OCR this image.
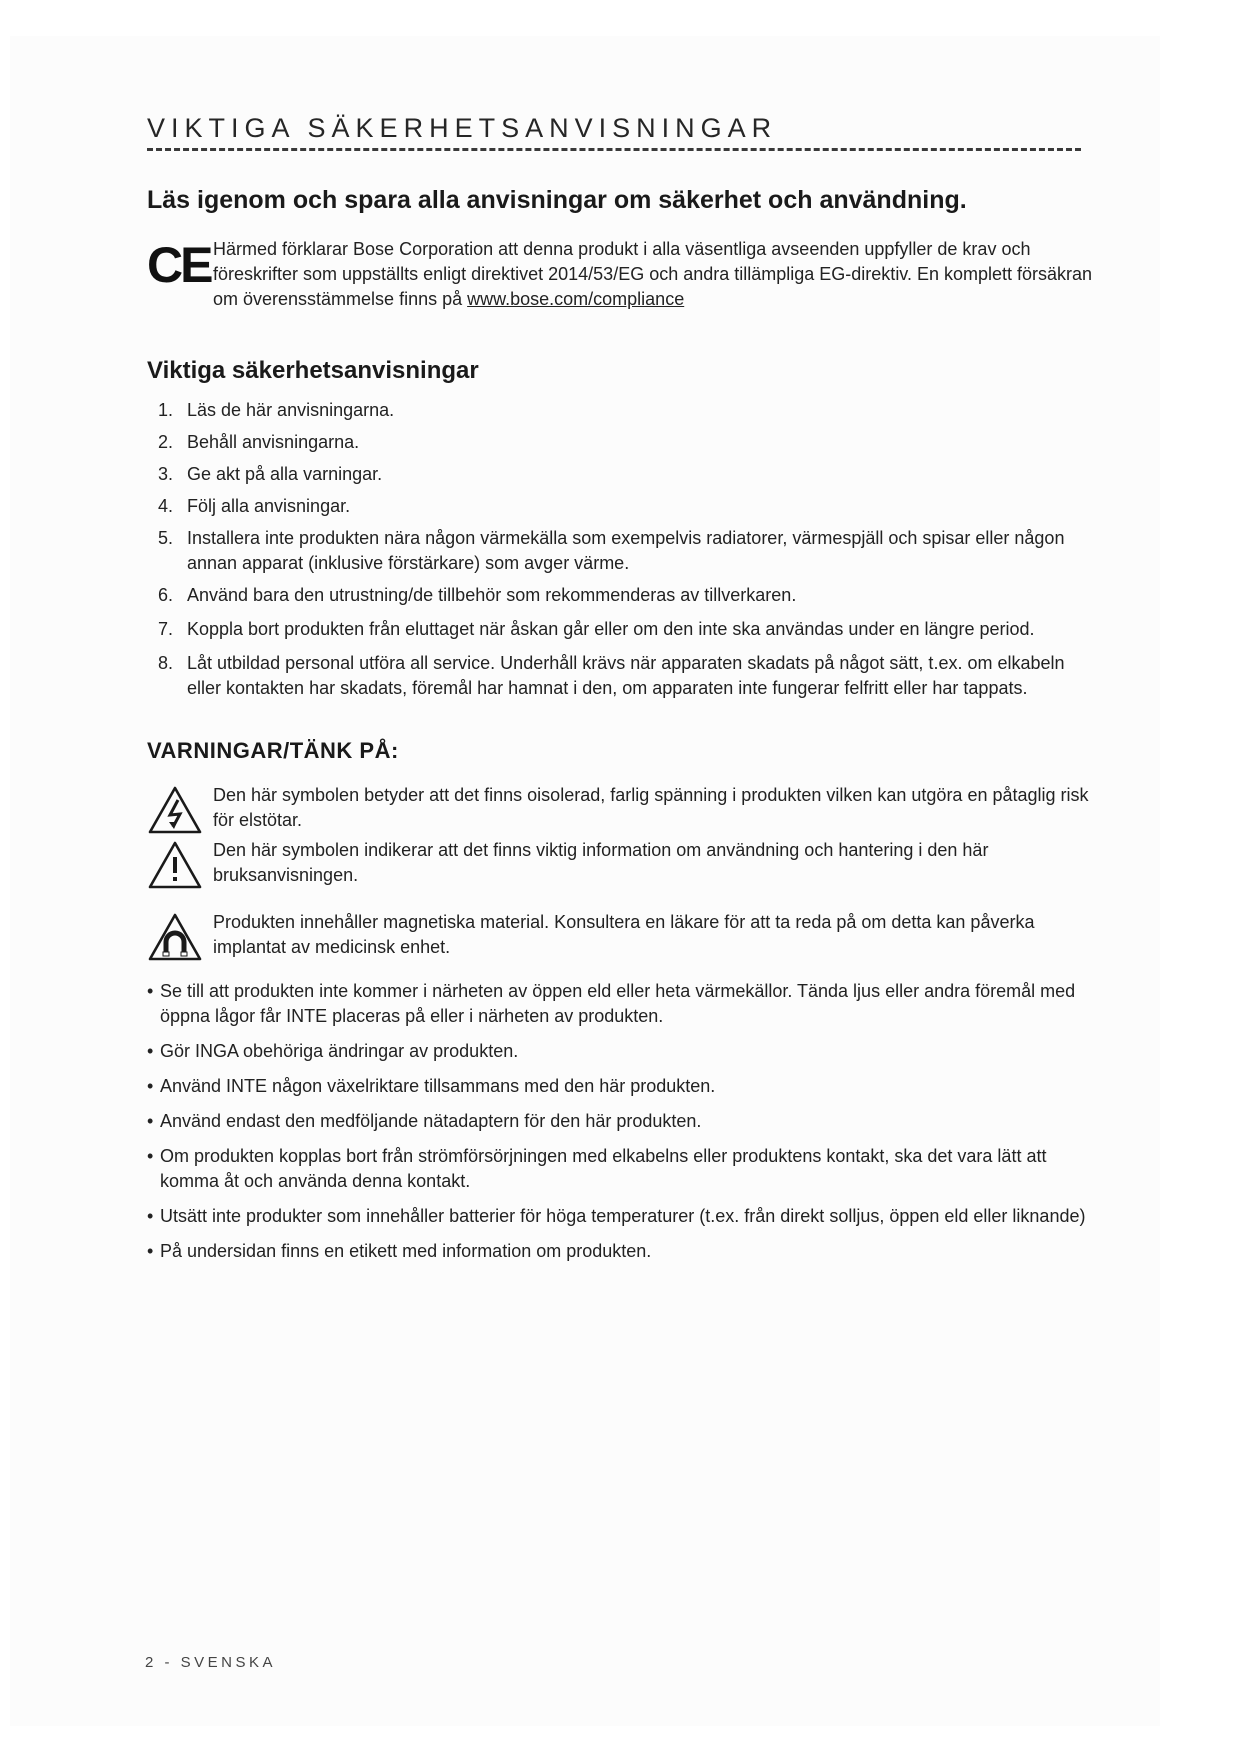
VIKTIGA SÄKERHETSANVISNINGAR
Läs igenom och spara alla anvisningar om säkerhet och användning.
CE Härmed förklarar Bose Corporation att denna produkt i alla väsentliga avseenden uppfyller de krav och föreskrifter som uppställts enligt direktivet 2014/53/EG och andra tillämpliga EG-direktiv. En komplett försäkran om överensstämmelse finns på www.bose.com/compliance
Viktiga säkerhetsanvisningar
1. Läs de här anvisningarna.
2. Behåll anvisningarna.
3. Ge akt på alla varningar.
4. Följ alla anvisningar.
5. Installera inte produkten nära någon värmekälla som exempelvis radiatorer, värmespjäll och spisar eller någon annan apparat (inklusive förstärkare) som avger värme.
6. Använd bara den utrustning/de tillbehör som rekommenderas av tillverkaren.
7. Koppla bort produkten från eluttaget när åskan går eller om den inte ska användas under en längre period.
8. Låt utbildad personal utföra all service. Underhåll krävs när apparaten skadats på något sätt, t.ex. om elkabeln eller kontakten har skadats, föremål har hamnat i den, om apparaten inte fungerar felfritt eller har tappats.
VARNINGAR/TÄNK PÅ:
Den här symbolen betyder att det finns oisolerad, farlig spänning i produkten vilken kan utgöra en påtaglig risk för elstötar.
Den här symbolen indikerar att det finns viktig information om användning och hantering i den här bruksanvisningen.
Produkten innehåller magnetiska material. Konsultera en läkare för att ta reda på om detta kan påverka implantat av medicinsk enhet.
• Se till att produkten inte kommer i närheten av öppen eld eller heta värmekällor. Tända ljus eller andra föremål med öppna lågor får INTE placeras på eller i närheten av produkten.
• Gör INGA obehöriga ändringar av produkten.
• Använd INTE någon växelriktare tillsammans med den här produkten.
• Använd endast den medföljande nätadaptern för den här produkten.
• Om produkten kopplas bort från strömförsörjningen med elkabelns eller produktens kontakt, ska det vara lätt att komma åt och använda denna kontakt.
• Utsätt inte produkter som innehåller batterier för höga temperaturer (t.ex. från direkt solljus, öppen eld eller liknande)
• På undersidan finns en etikett med information om produkten.
2 - SVENSKA
